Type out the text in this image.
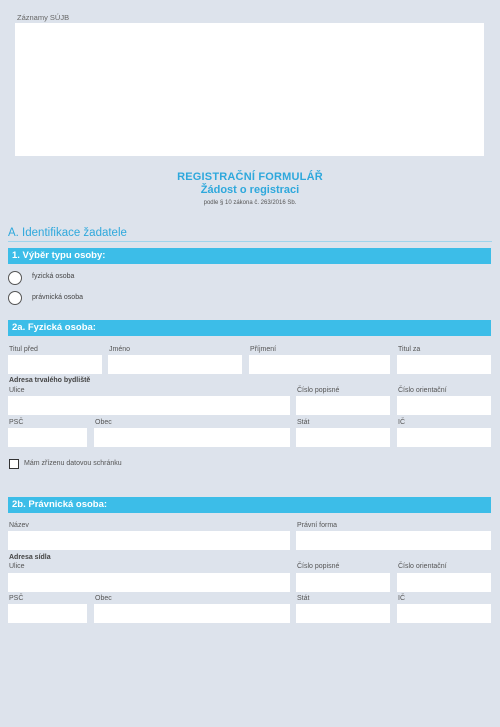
Záznamy SÚJB
REGISTRAČNÍ FORMULÁŘ
Žádost o registraci
podle § 10 zákona č. 263/2016 Sb.
A. Identifikace žadatele
1. Výběr typu osoby:
fyzická osoba
právnická osoba
2a. Fyzická osoba:
Titul před	Jméno	Příjmení	Titul za
Adresa trvalého bydliště
Ulice	Číslo popisné	Číslo orientační
PSČ	Obec	Stát	IČ
Mám zřízenu datovou schránku
2b. Právnická osoba:
Název	Právní forma
Adresa sídla
Ulice	Číslo popisné	Číslo orientační
PSČ	Obec	Stát	IČ
